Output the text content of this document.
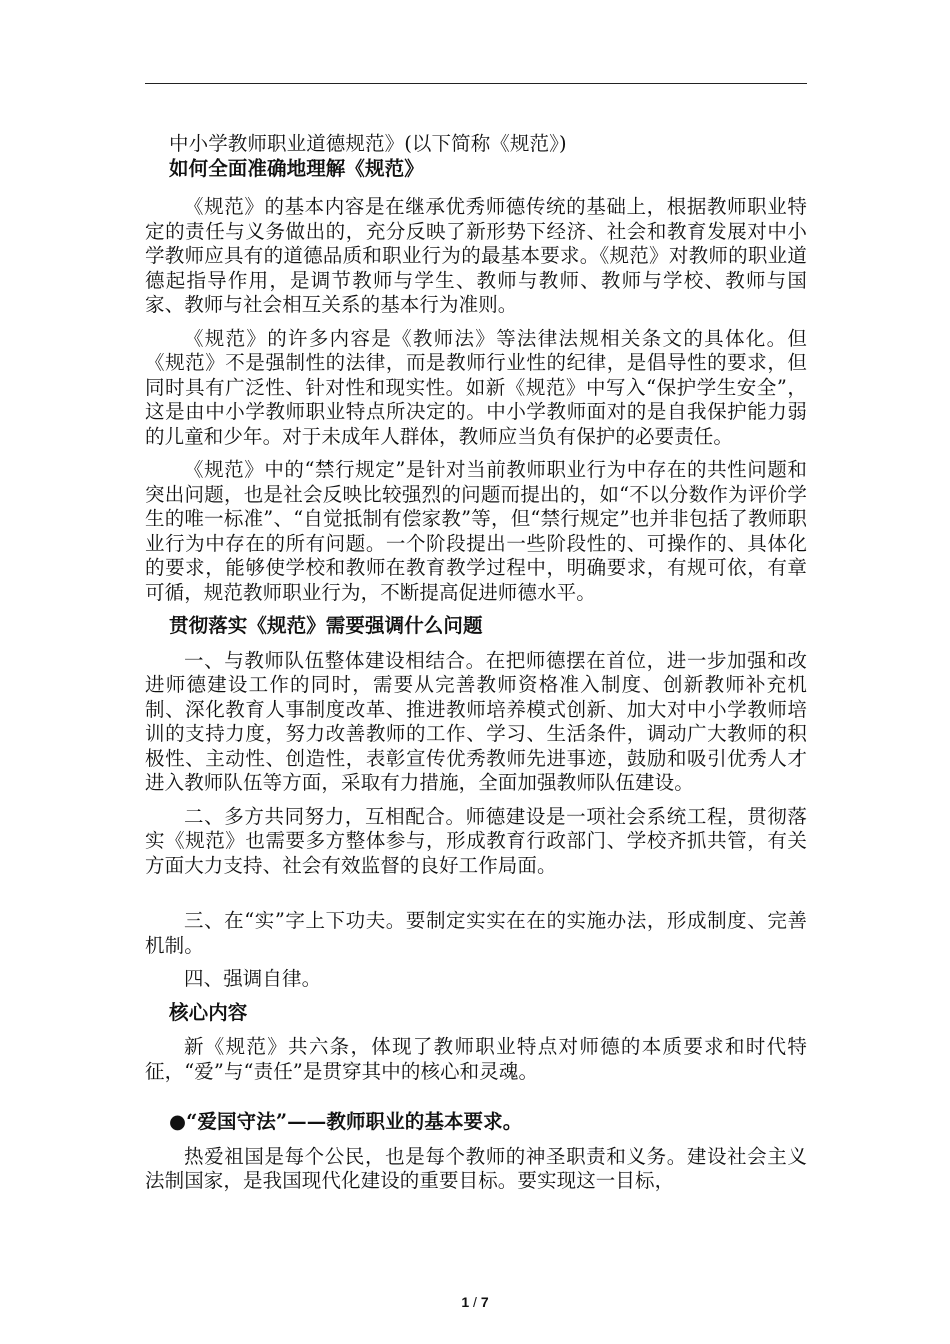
中小学教师职业道德规范》(以下简称《规范》)

如何全面准确地理解《规范》

《规范》的基本内容是在继承优秀师德传统的基础上，根据教师职业特定的责任与义务做出的，充分反映了新形势下经济、社会和教育发展对中小学教师应具有的道德品质和职业行为的最基本要求。《规范》对教师的职业道德起指导作用，是调节教师与学生、教师与教师、教师与学校、教师与国家、教师与社会相互关系的基本行为准则。

《规范》的许多内容是《教师法》等法律法规相关条文的具体化。但《规范》不是强制性的法律，而是教师行业性的纪律，是倡导性的要求，但同时具有广泛性、针对性和现实性。如新《规范》中写入“保护学生安全”，这是由中小学教师职业特点所决定的。中小学教师面对的是自我保护能力弱的儿童和少年。对于未成年人群体，教师应当负有保护的必要责任。

《规范》中的“禁行规定”是针对当前教师职业行为中存在的共性问题和突出问题，也是社会反映比较强烈的问题而提出的，如“不以分数作为评价学生的唯一标准”、“自觉抵制有偿家教”等，但“禁行规定”也并非包括了教师职业行为中存在的所有问题。一个阶段提出一些阶段性的、可操作的、具体化的要求，能够使学校和教师在教育教学过程中，明确要求，有规可依，有章可循，规范教师职业行为，不断提高促进师德水平。

贯彻落实《规范》需要强调什么问题

一、与教师队伍整体建设相结合。在把师德摆在首位，进一步加强和改进师德建设工作的同时，需要从完善教师资格准入制度、创新教师补充机制、深化教育人事制度改革、推进教师培养模式创新、加大对中小学教师培训的支持力度，努力改善教师的工作、学习、生活条件，调动广大教师的积极性、主动性、创造性，表彰宣传优秀教师先进事迹，鼓励和吸引优秀人才进入教师队伍等方面，采取有力措施，全面加强教师队伍建设。

二、多方共同努力，互相配合。师德建设是一项社会系统工程，贯彻落实《规范》也需要多方整体参与，形成教育行政部门、学校齐抓共管，有关方面大力支持、社会有效监督的良好工作局面。

三、在“实”字上下功夫。要制定实实在在的实施办法，形成制度、完善机制。

四、强调自律。

核心内容

新《规范》共六条，体现了教师职业特点对师德的本质要求和时代特征，“爱”与“责任”是贯穿其中的核心和灵魂。

●“爱国守法”——教师职业的基本要求。

热爱祖国是每个公民，也是每个教师的神圣职责和义务。建设社会主义法制国家，是我国现代化建设的重要目标。要实现这一目标，

1 / 7
